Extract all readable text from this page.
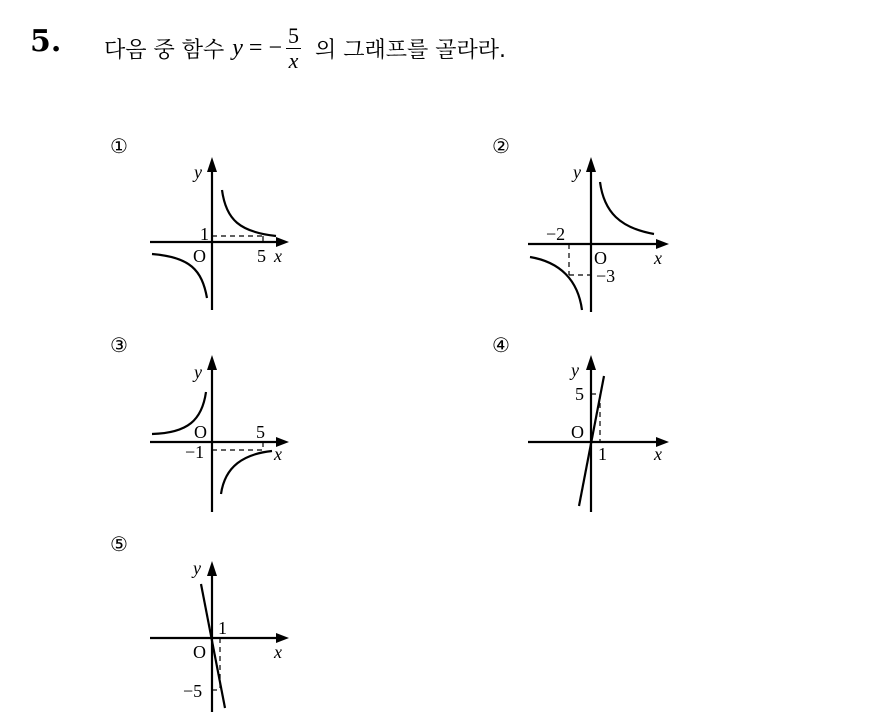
5. 다음 중 함수 y = − $\frac{5}{x}$ 의 그래프를 골라라.
①
y
1
O	5 x
②
y
−2
O
−3
x
③
y
O	5
−1	x
④
y
5
O
1	x
⑤
y
1
O	x
−5
